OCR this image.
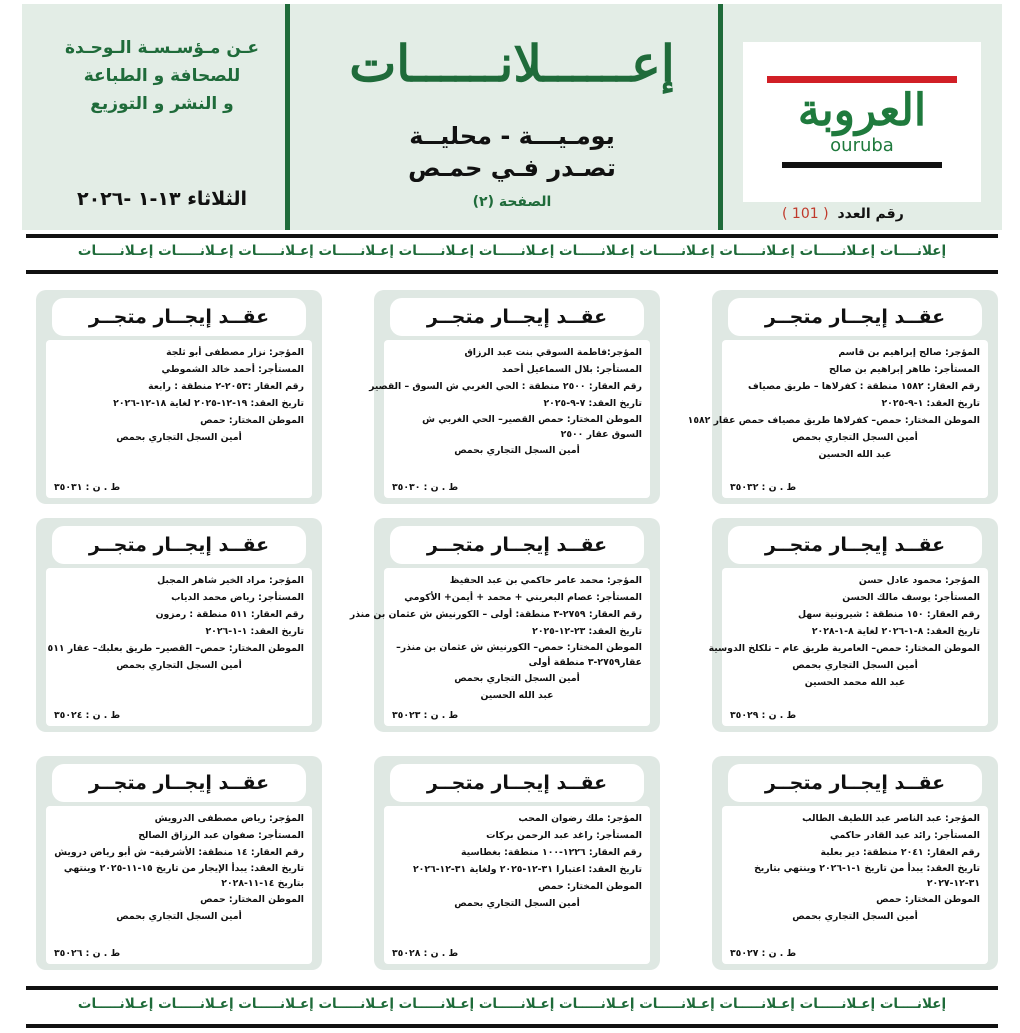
العروبة
ouruba
رقم العدد ( 101 )
إعــــــلانــــــات
يومـيـــة - محليــة
تصـدر فـي حمـص
الصفحة (٢)
عـن مـؤسـسـة الـوحـدة
للصحافة و الطباعة
و النشر و التوزيع
الثلاثاء ١٣-١ -٢٠٢٦
إعلانــــات إعـلانـــــات إعـلانـــــات إعـلانـــــات إعـلانـــــات إعـلانـــــات إعـلانـــــات إعـلانـــــات إعـلانـــــات إعـلانـــــات إعـلانـــــات
عقــد إيجــار متجــر
المؤجر: صالح إبراهيم بن قاسم
المستأجر: طاهر إبراهيم بن صالح
رقم العقار: ١٥٨٢ منطقة : كفرلاها – طريق مصياف
تاريخ العقد: ١-٩-٢٠٢٥
الموطن المختار: حمص– كفرلاها طريق مصياف حمص عقار ١٥٨٢
أمين السجل التجاري بحمص
عبد الله الحسين
ط . ن : ٣٥٠٣٢
عقــد إيجــار متجــر
المؤجر:فاطمة السوقي بنت عبد الرزاق
المستأجر: بلال السماعيل أحمد
رقم العقار: ٢٥٠٠ منطقة : الحي الغربي ش السوق – القصير
تاريخ العقد: ٧-٩-٢٠٢٥
الموطن المختار: حمص القصير– الحي الغربي ش السوق عقار ٢٥٠٠
أمين السجل التجاري بحمص
ط . ن : ٣٥٠٣٠
عقــد إيجــار متجــر
المؤجر: نزار مصطفى أبو ثلجة
المستأجر: أحمد خالد الشموطي
رقم العقار :٢٠٥٣-٢ منطقة : رابعة
تاريخ العقد: ١٩-١٢-٢٠٢٥ لغاية ١٨-١٢-٢٠٢٦
الموطن المختار: حمص
أمين السجل التجاري بحمص
ط . ن : ٣٥٠٣١
عقــد إيجــار متجــر
المؤجر: محمود عادل حسن
المستأجر: يوسف مالك الحسن
رقم العقار: ١٥٠ منطقة : شيرونية سهل
تاريخ العقد: ٨-١-٢٠٢٦ لغاية ٨-١-٢٠٢٨
الموطن المختار: حمص– العامرية طريق عام – تلكلخ الدوسية
أمين السجل التجاري بحمص
عبد الله محمد الحسين
ط . ن : ٣٥٠٢٩
عقــد إيجــار متجــر
المؤجر: محمد عامر حاكمي بن عبد الحفيظ
المستأجر: عصام البعريني + محمد + أيمن+ الأكومي
رقم العقار: ٢٧٥٩-٣ منطقة: أولى – الكورنيش ش عثمان بن منذر
تاريخ العقد: ٢٣-١٢-٢٠٢٥
الموطن المختار: حمص– الكورنيش ش عثمان بن منذر– عقار٢٧٥٩-٣ منطقة أولى
أمين السجل التجاري بحمص
عبد الله الحسين
ط . ن : ٣٥٠٢٣
عقــد إيجــار متجــر
المؤجر: مراد الخير شاهر المجبل
المستأجر: رياض محمد الدياب
رقم العقار: ٥١١ منطقة : رمزون
تاريخ العقد: ١-١-٢٠٢٦
الموطن المختار: حمص– القصير– طريق بعلبك– عقار ٥١١
أمين السجل التجاري بحمص
ط . ن : ٣٥٠٢٤
عقــد إيجــار متجــر
المؤجر: عبد الناصر عبد اللطيف الطالب
المستأجر: رائد عبد القادر حاكمي
رقم العقار: ٢٠٤١ منطقة: دير بعلبة
تاريخ العقد: يبدأ من تاريخ ١-١-٢٠٢٦ وينتهي بتاريخ ٣١-١٢-٢٠٢٧
الموطن المختار: حمص
أمين السجل التجاري بحمص
ط . ن : ٣٥٠٢٧
عقــد إيجــار متجــر
المؤجر: ملك رضوان المحب
المستأجر: راغد عبد الرحمن بركات
رقم العقار: ١٢٢٦-١٠٠ منطقة: بغطاسية
تاريخ العقد: اعتبارا ٣١-١٢-٢٠٢٥ ولغاية ٣١-١٢-٢٠٢٦
الموطن المختار: حمص
أمين السجل التجاري بحمص
ط . ن : ٣٥٠٢٨
عقــد إيجــار متجــر
المؤجر: رياض مصطفى الدرويش
المستأجر: صفوان عبد الرزاق الصالح
رقم العقار: ١٤ منطقة: الأشرفية– ش أبو رياض درويش
تاريخ العقد: يبدأ الإيجار من تاريخ ١٥-١١-٢٠٢٥ وينتهي بتاريخ ١٤-١١-٢٠٢٨
الموطن المختار: حمص
أمين السجل التجاري بحمص
ط . ن : ٣٥٠٢٦
إعلانــــات إعـلانـــــات إعـلانـــــات إعـلانـــــات إعـلانـــــات إعـلانـــــات إعـلانـــــات إعـلانـــــات إعـلانـــــات إعـلانـــــات إعـلانـــــات
